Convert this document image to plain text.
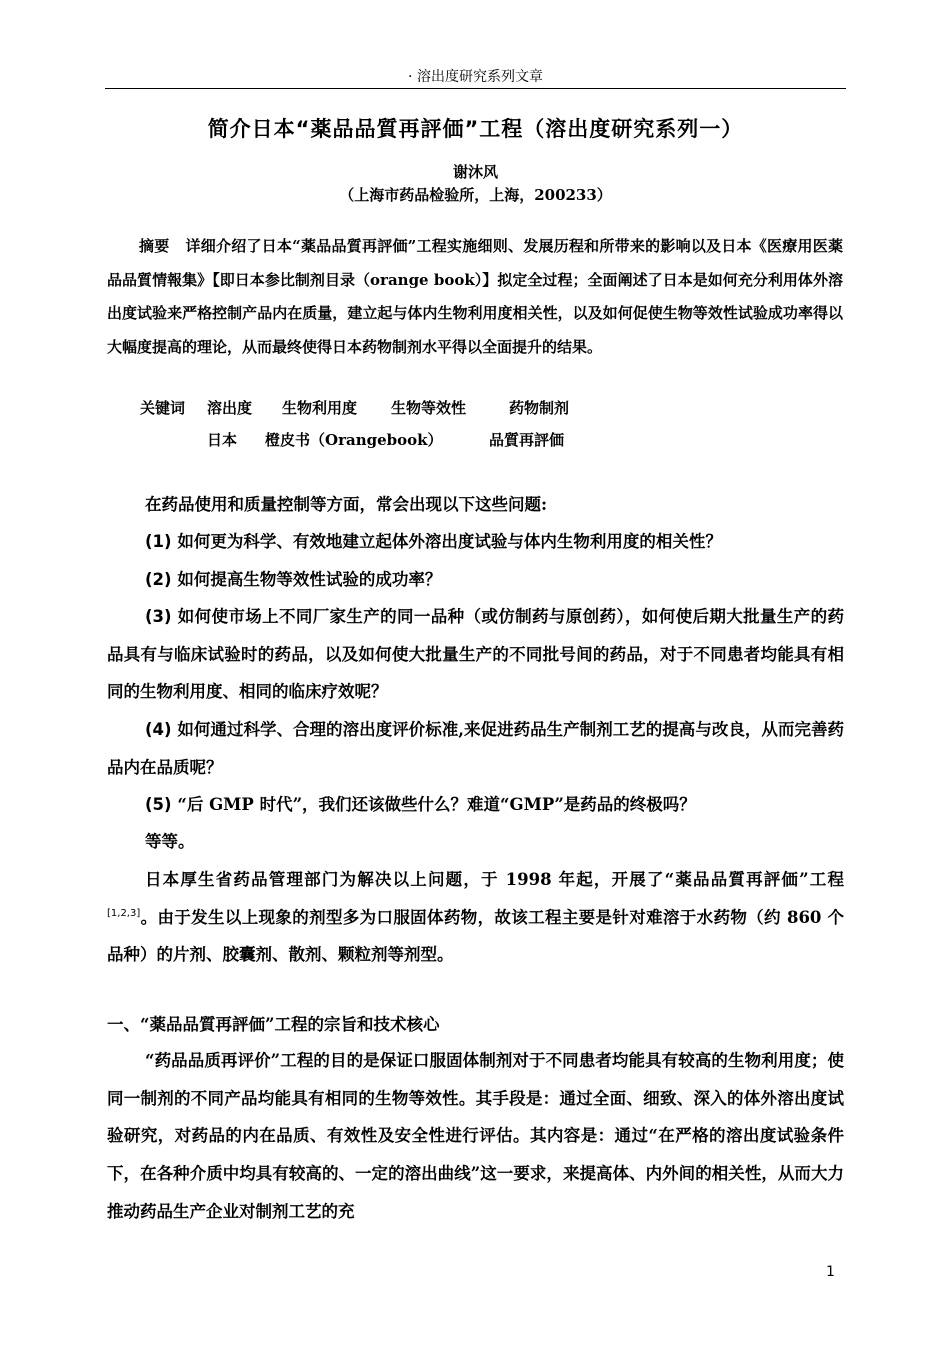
· 溶出度研究系列文章
简介日本“薬品品質再評価”工程（溶出度研究系列一）
谢沐风
（上海市药品检验所，上海，200233）

摘要 详细介绍了日本“薬品品質再評価”工程实施细则、发展历程和所带来的影响以及日本《医療用医薬品品質情報集》【即日本参比制剂目录（orange book）】拟定全过程；全面阐述了日本是如何充分利用体外溶出度试验来严格控制产品内在质量，建立起与体内生物利用度相关性，以及如何促使生物等效性试验成功率得以大幅度提高的理论，从而最终使得日本药物制剂水平得以全面提升的结果。

关键词 溶出度 生物利用度 生物等效性	药物制剂
日本 橙皮书（Orangebook）	品質再評価

在药品使用和质量控制等方面，常会出现以下这些问题:

(1) 如何更为科学、有效地建立起体外溶出度试验与体内生物利用度的相关性？

(2) 如何提高生物等效性试验的成功率？

(3) 如何使市场上不同厂家生产的同一品种（或仿制药与原创药），如何使后期大批量生产的药品具有与临床试验时的药品，以及如何使大批量生产的不同批号间的药品，对于不同患者均能具有相同的生物利用度、相同的临床疗效呢？

(4) 如何通过科学、合理的溶出度评价标准,来促进药品生产制剂工艺的提高与改良，从而完善药品内在品质呢？

(5) “后 GMP 时代”，我们还该做些什么？难道“GMP”是药品的终极吗？

等等。

日本厚生省药品管理部门为解决以上问题，于 1998 年起，开展了“薬品品質再評価”工程[1,2,3]。由于发生以上现象的剂型多为口服固体药物，故该工程主要是针对难溶于水药物（约 860 个品种）的片剂、胶囊剂、散剂、颗粒剂等剂型。

一、“薬品品質再評価”工程的宗旨和技术核心

“药品品质再评价”工程的目的是保证口服固体制剂对于不同患者均能具有较高的生物利用度；使同一制剂的不同产品均能具有相同的生物等效性。其手段是：通过全面、细致、深入的体外溶出度试验研究，对药品的内在品质、有效性及安全性进行评估。其内容是：通过“在严格的溶出度试验条件下，在各种介质中均具有较高的、一定的溶出曲线”这一要求，来提高体、内外间的相关性，从而大力推动药品生产企业对制剂工艺的充

1
